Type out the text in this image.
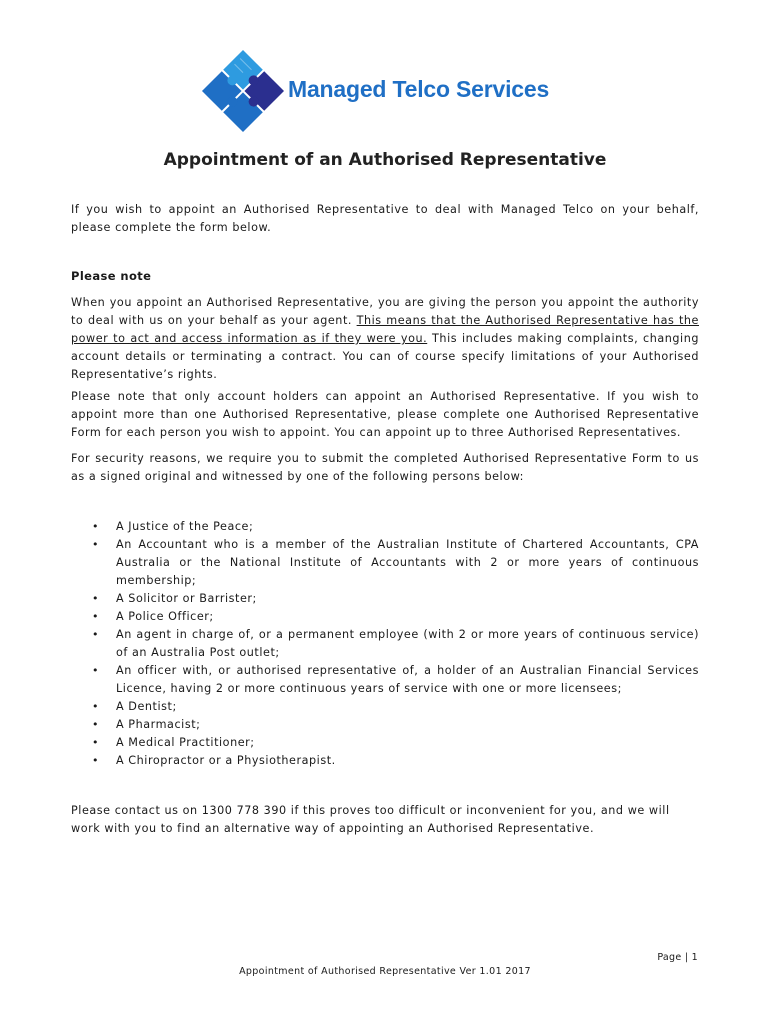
Managed Telco Services
Appointment of an Authorised Representative
If you wish to appoint an Authorised Representative to deal with Managed Telco on your behalf, please complete the form below.
Please note
When you appoint an Authorised Representative, you are giving the person you appoint the authority to deal with us on your behalf as your agent. This means that the Authorised Representative has the power to act and access information as if they were you. This includes making complaints, changing account details or terminating a contract. You can of course specify limitations of your Authorised Representative’s rights.
Please note that only account holders can appoint an Authorised Representative. If you wish to appoint more than one Authorised Representative, please complete one Authorised Representative Form for each person you wish to appoint. You can appoint up to three Authorised Representatives.
For security reasons, we require you to submit the completed Authorised Representative Form to us as a signed original and witnessed by one of the following persons below:
• A Justice of the Peace;
• An Accountant who is a member of the Australian Institute of Chartered Accountants, CPA Australia or the National Institute of Accountants with 2 or more years of continuous membership;
• A Solicitor or Barrister;
• A Police Officer;
• An agent in charge of, or a permanent employee (with 2 or more years of continuous service) of an Australia Post outlet;
• An officer with, or authorised representative of, a holder of an Australian Financial Services Licence, having 2 or more continuous years of service with one or more licensees;
• A Dentist;
• A Pharmacist;
• A Medical Practitioner;
• A Chiropractor or a Physiotherapist.
Please contact us on 1300 778 390 if this proves too difficult or inconvenient for you, and we will work with you to find an alternative way of appointing an Authorised Representative.
Page | 1
Appointment of Authorised Representative Ver 1.01 2017
